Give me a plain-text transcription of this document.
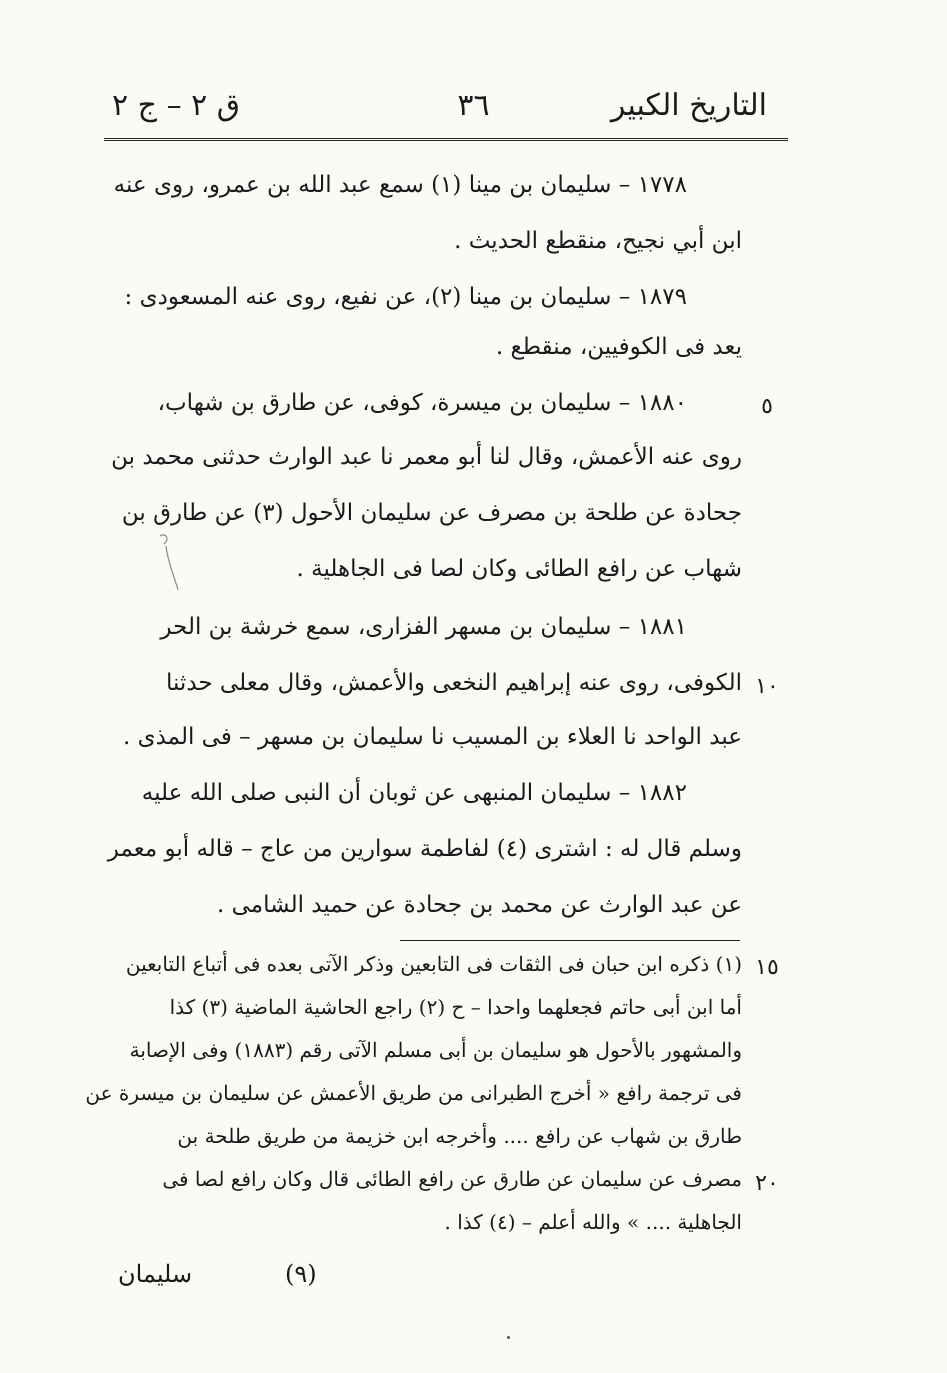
التاريخ الكبير
٣٦
ق ٢ – ج ٢
١٧٧٨ – سليمان بن مينا (١) سمع عبد الله بن عمرو، روى عنه
ابن أبي نجيح، منقطع الحديث .
١٨٧٩ – سليمان بن مينا (٢)، عن نفيع، روى عنه المسعودى :
يعد فى الكوفيين، منقطع .
١٨٨٠ – سليمان بن ميسرة، كوفى، عن طارق بن شهاب،
روى عنه الأعمش، وقال لنا أبو معمر نا عبد الوارث حدثنى محمد بن
جحادة عن طلحة بن مصرف عن سليمان الأحول (٣) عن طارق بن
شهاب عن رافع الطائى وكان لصا فى الجاهلية .
١٨٨١ – سليمان بن مسهر الفزارى، سمع خرشة بن الحر
الكوفى، روى عنه إبراهيم النخعى والأعمش، وقال معلى حدثنا
عبد الواحد نا العلاء بن المسيب نا سليمان بن مسهر – فى المذى .
١٨٨٢ – سليمان المنبهى عن ثوبان أن النبى صلى الله عليه
وسلم قال له : اشترى (٤) لفاطمة سوارين من عاج – قاله أبو معمر
عن عبد الوارث عن محمد بن جحادة عن حميد الشامى .
(١) ذكره ابن حبان فى الثقات فى التابعين وذكر الآتى بعده فى أتباع التابعين
أما ابن أبى حاتم فجعلهما واحدا – ح (٢) راجع الحاشية الماضية (٣) كذا
والمشهور بالأحول هو سليمان بن أبى مسلم الآتى رقم (١٨٨٣) وفى الإصابة
فى ترجمة رافع « أخرج الطبرانى من طريق الأعمش عن سليمان بن ميسرة عن
طارق بن شهاب عن رافع .... وأخرجه ابن خزيمة من طريق طلحة بن
مصرف عن سليمان عن طارق عن رافع الطائى قال وكان رافع لصا فى
الجاهلية .... » والله أعلم – (٤) كذا .
٥
١٠
١٥
٢٠
سليمان	(٩)
